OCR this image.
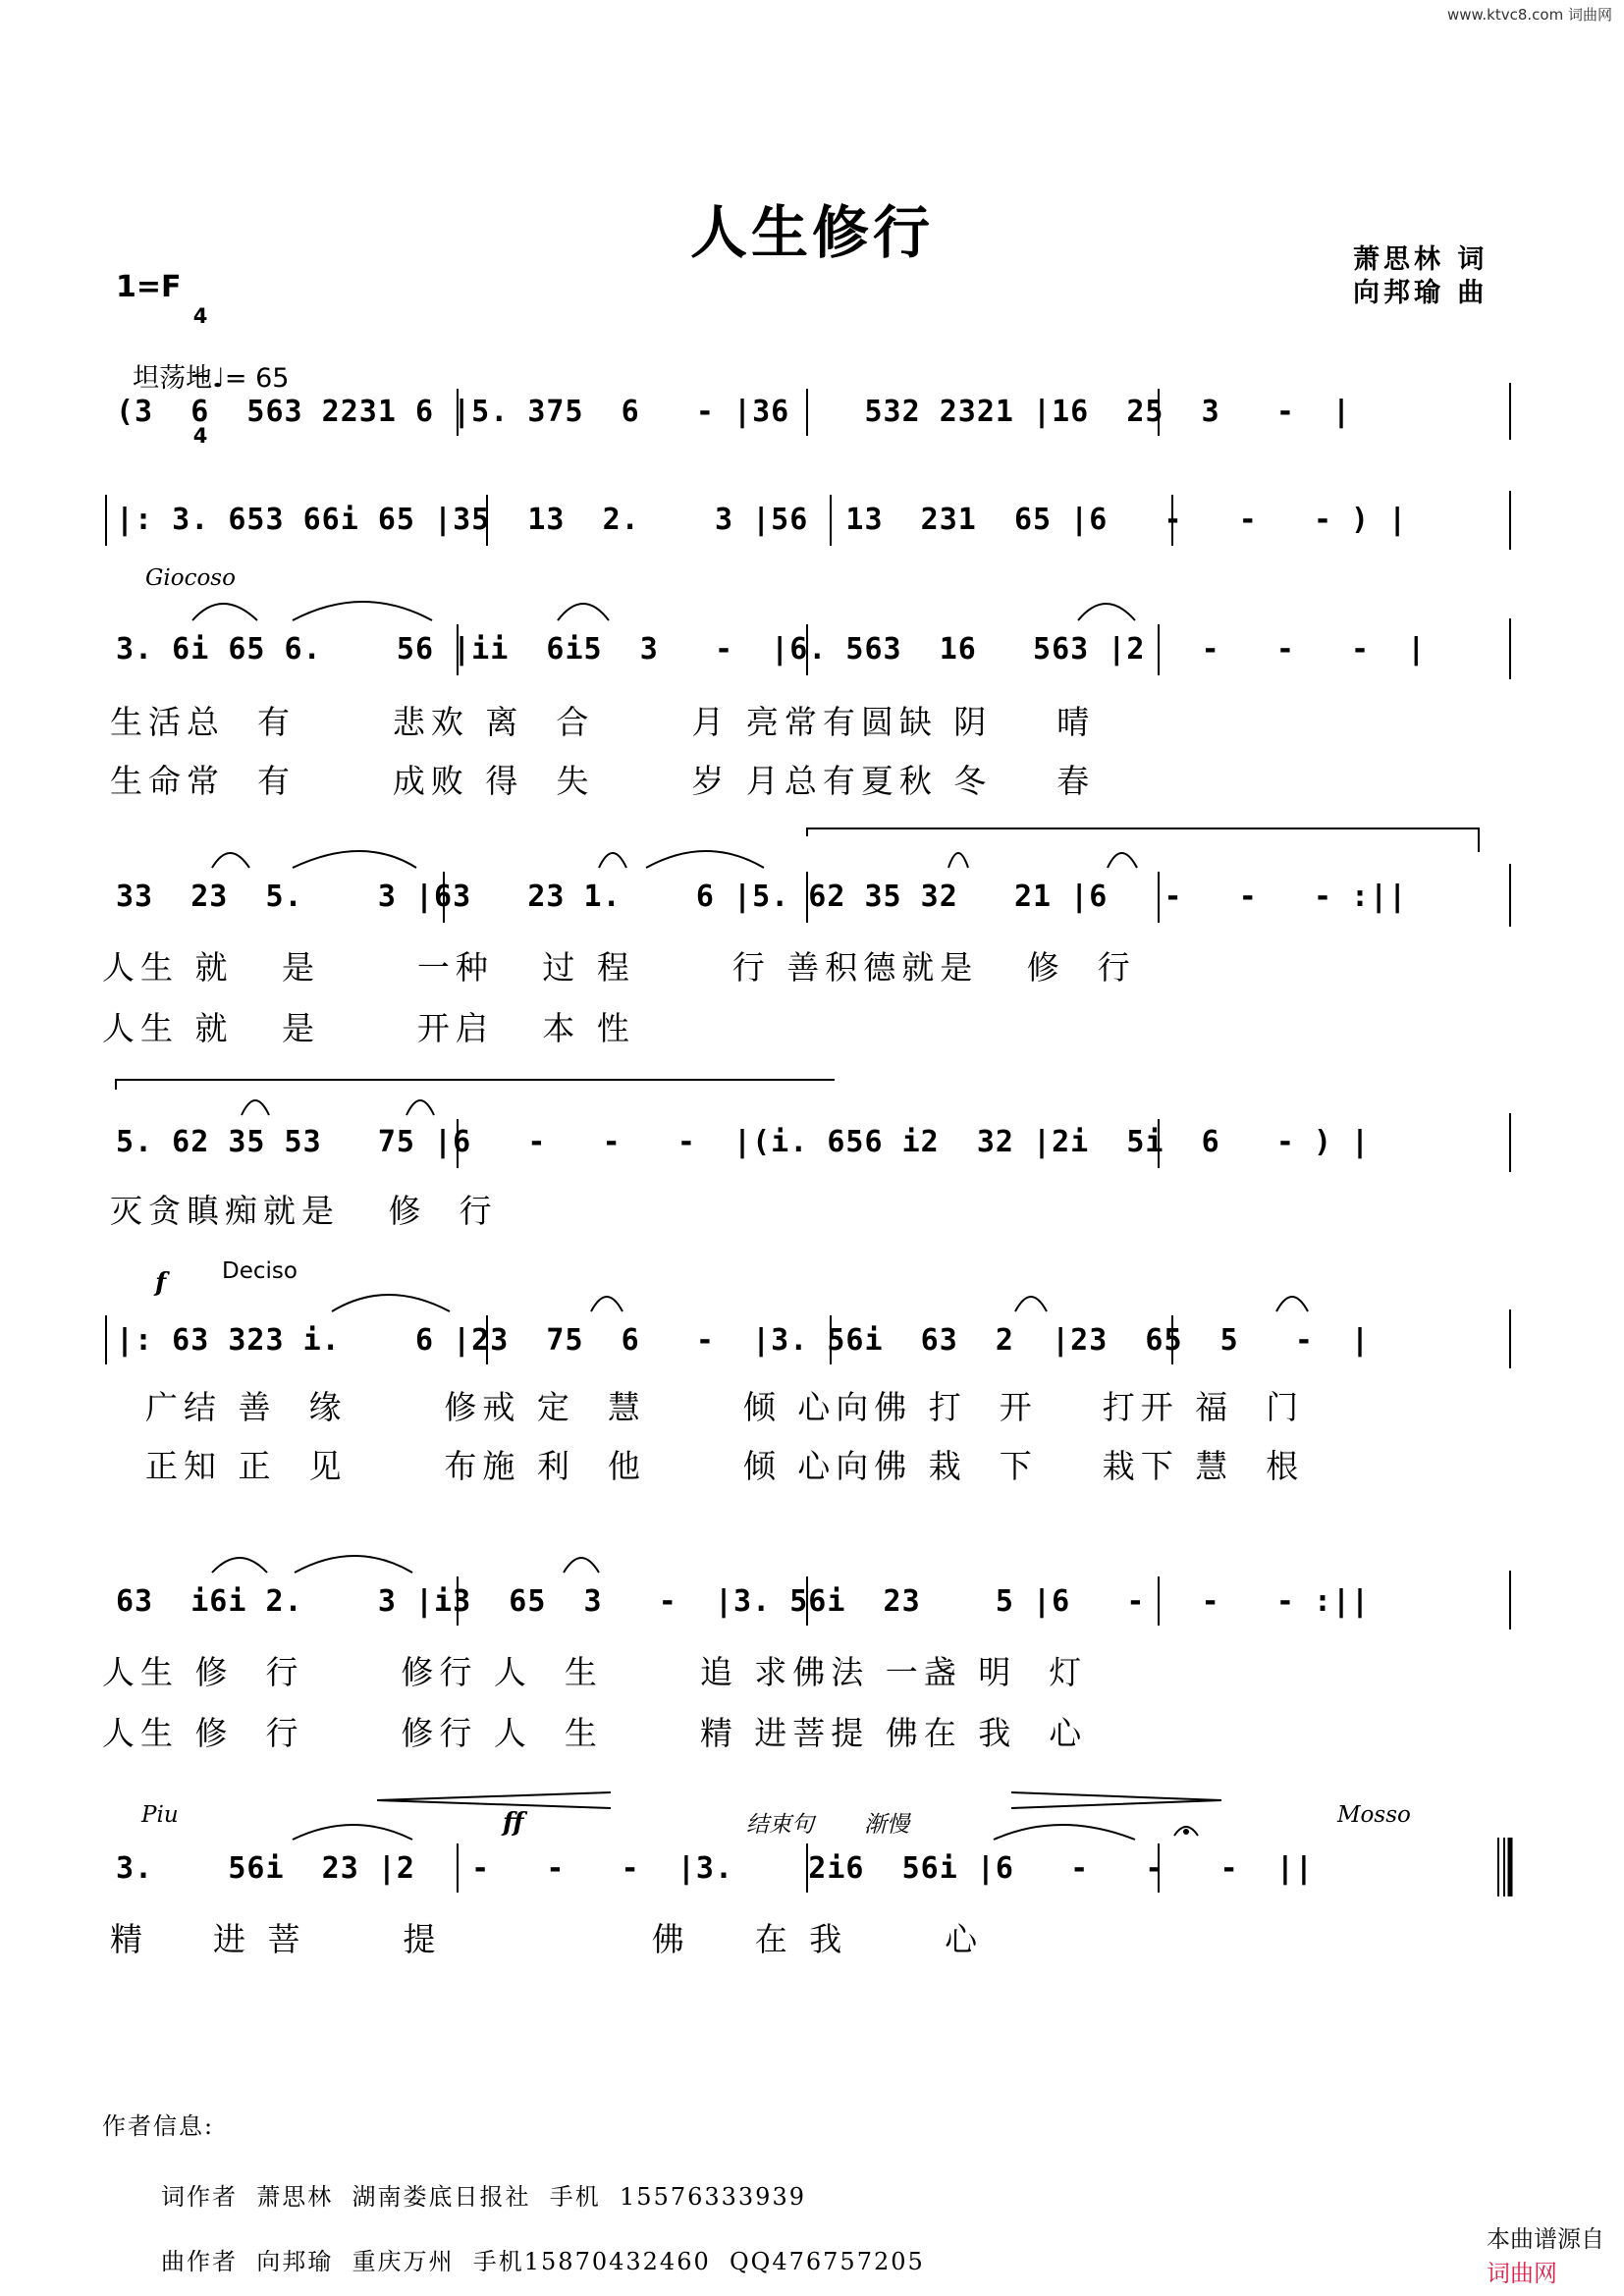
www.ktvc8.com 词曲网
人生修行	萧思林 词
向邦瑜 曲
1=F

4

4

坦荡地♩= 65

(3  6  563 2231 6 |5. 375  6   - |36    532 2321 |16  25  3   -  |
|: 3. 653 66i 65 |35  13  2.    3 |56  13  231  65 |6   -   -   - ) |
Giocoso
3. 6i 65 6.    56 |ii  6i5  3   -  |6. 563  16   563 |2   -   -   -  |
生活总  有      悲欢 离  合      月 亮常有圆缺 阴    晴
生命常  有      成败 得  失      岁 月总有夏秋 冬    春
33  23  5.    3 |63   23 1.    6 |5. 62 35 32   21 |6   -   -   - :||
人生 就   是      一种   过 程      行 善积德就是   修  行
人生 就   是      开启   本 性
5. 62 35 53   75 |6   -   -   -  |(i. 656 i2  32 |2i  5i  6   - ) |
灭贪瞋痴就是   修  行
f Deciso
|: 63 323 i.    6 |23  75  6   -  |3. 56i  63  2  |23  65  5   -  |
广结 善  缘      修戒 定  慧      倾 心向佛 打  开    打开 福  门
正知 正  见      布施 利  他      倾 心向佛 栽  下    栽下 慧  根
63  i6i 2.    3 |i3  65  3   -  |3. 56i  23    5 |6   -   -   - :||
人生 修  行      修行 人  生      追 求佛法 一盏 明  灯
人生 修  行      修行 人  生      精 进菩提 佛在 我  心
Piu	ff	结束句 渐慢	Mosso
3.    56i  23 |2   -   -   -  |3.    2i6  56i |6   -   -   -  ||
精    进 菩      提             佛    在 我      心
作者信息:
词作者  萧思林  湖南娄底日报社  手机  15576333939
曲作者  向邦瑜  重庆万州  手机15870432460  QQ476757205

本曲谱源自
词曲网
